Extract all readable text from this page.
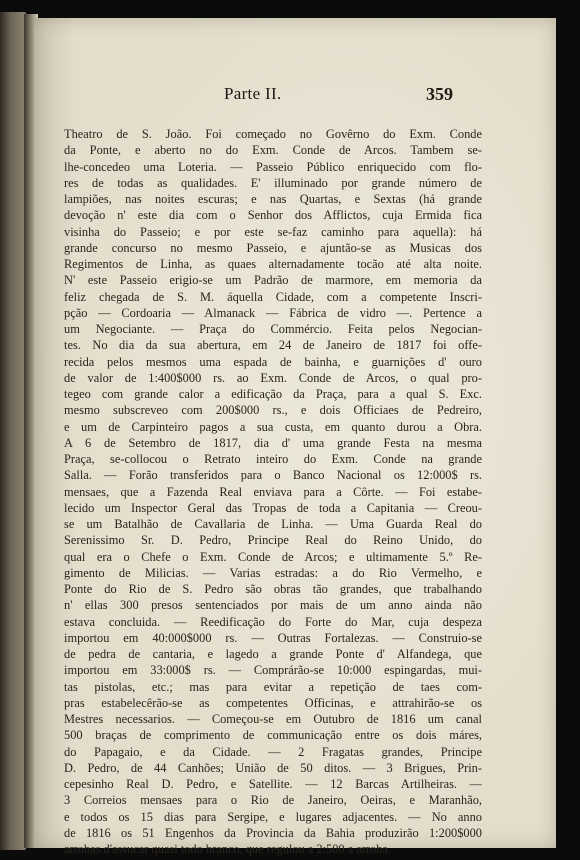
Parte II.	359
Theatro de S. João. Foi começado no Govêrno do Exm. Conde
da Ponte, e aberto no do Exm. Conde de Arcos. Tambem se-
lhe-concedeo uma Loteria. — Passeio Público enriquecido com flo-
res de todas as qualidades. E' illuminado por grande número de
lampiões, nas noites escuras; e nas Quartas, e Sextas (há grande
devoção n' este dia com o Senhor dos Afflictos, cuja Ermida fica
visinha do Passeio; e por este se-faz caminho para aquella): há
grande concurso no mesmo Passeio, e ajuntão-se as Musicas dos
Regimentos de Linha, as quaes alternadamente tocão até alta noite.
N' este Passeio erigio-se um Padrão de marmore, em memoria da
feliz chegada de S. M. áquella Cidade, com a competente Inscri-
pção — Cordoaria — Almanack — Fábrica de vidro —. Pertence a
um Negociante. — Praça do Commércio. Feita pelos Negocian-
tes. No dia da sua abertura, em 24 de Janeiro de 1817 foi offe-
recida pelos mesmos uma espada de bainha, e guarnições d' ouro
de valor de 1:400$000 rs. ao Exm. Conde de Arcos, o qual pro-
tegeo com grande calor a edificação da Praça, para a qual S. Exc.
mesmo subscreveo com 200$000 rs., e dois Officiaes de Pedreiro,
e um de Carpinteiro pagos a sua custa, em quanto durou a Obra.
A 6 de Setembro de 1817, dia d' uma grande Festa na mesma
Praça, se-collocou o Retrato inteiro do Exm. Conde na grande
Salla. — Forão transferidos para o Banco Nacional os 12:000$ rs.
mensaes, que a Fazenda Real enviava para a Côrte. — Foi estabe-
lecido um Inspector Geral das Tropas de toda a Capitania — Creou-
se um Batalhão de Cavallaria de Linha. — Uma Guarda Real do
Serenissimo Sr. D. Pedro, Principe Real do Reino Unido, do
qual era o Chefe o Exm. Conde de Arcos; e ultimamente 5.º Re-
gimento de Milicias. — Varias estradas: a do Rio Vermelho, e
Ponte do Rio de S. Pedro são obras tão grandes, que trabalhando
n' ellas 300 presos sentenciados por mais de um anno ainda não
estava concluida. — Reedificação do Forte do Mar, cuja despeza
importou em 40:000$000 rs. — Outras Fortalezas. — Construio-se
de pedra de cantaria, e lagedo a grande Ponte d' Alfandega, que
importou em 33:000$ rs. — Comprárão-se 10:000 espingardas, mui-
tas pistolas, etc.; mas para evitar a repetição de taes com-
pras estabelecêrão-se as competentes Officinas, e attrahirão-se os
Mestres necessarios. — Começou-se em Outubro de 1816 um canal
500 braças de comprimento de communicação entre os dois máres,
do Papagaio, e da Cidade. — 2 Fragatas grandes, Principe
D. Pedro, de 44 Canhões; União de 50 ditos. — 3 Brigues, Prin-
cepesinho Real D. Pedro, e Satellite. — 12 Barcas Artilheiras. —
3 Correios mensaes para o Rio de Janeiro, Oeiras, e Maranhão,
e todos os 15 dias para Sergipe, e lugares adjacentes. — No anno
de 1816 os 51 Engenhos da Provincia da Bahia produzirão 1:200$000
arrobas d'assucar quasi todo branco, que regulou a 2:500 a arroba.
